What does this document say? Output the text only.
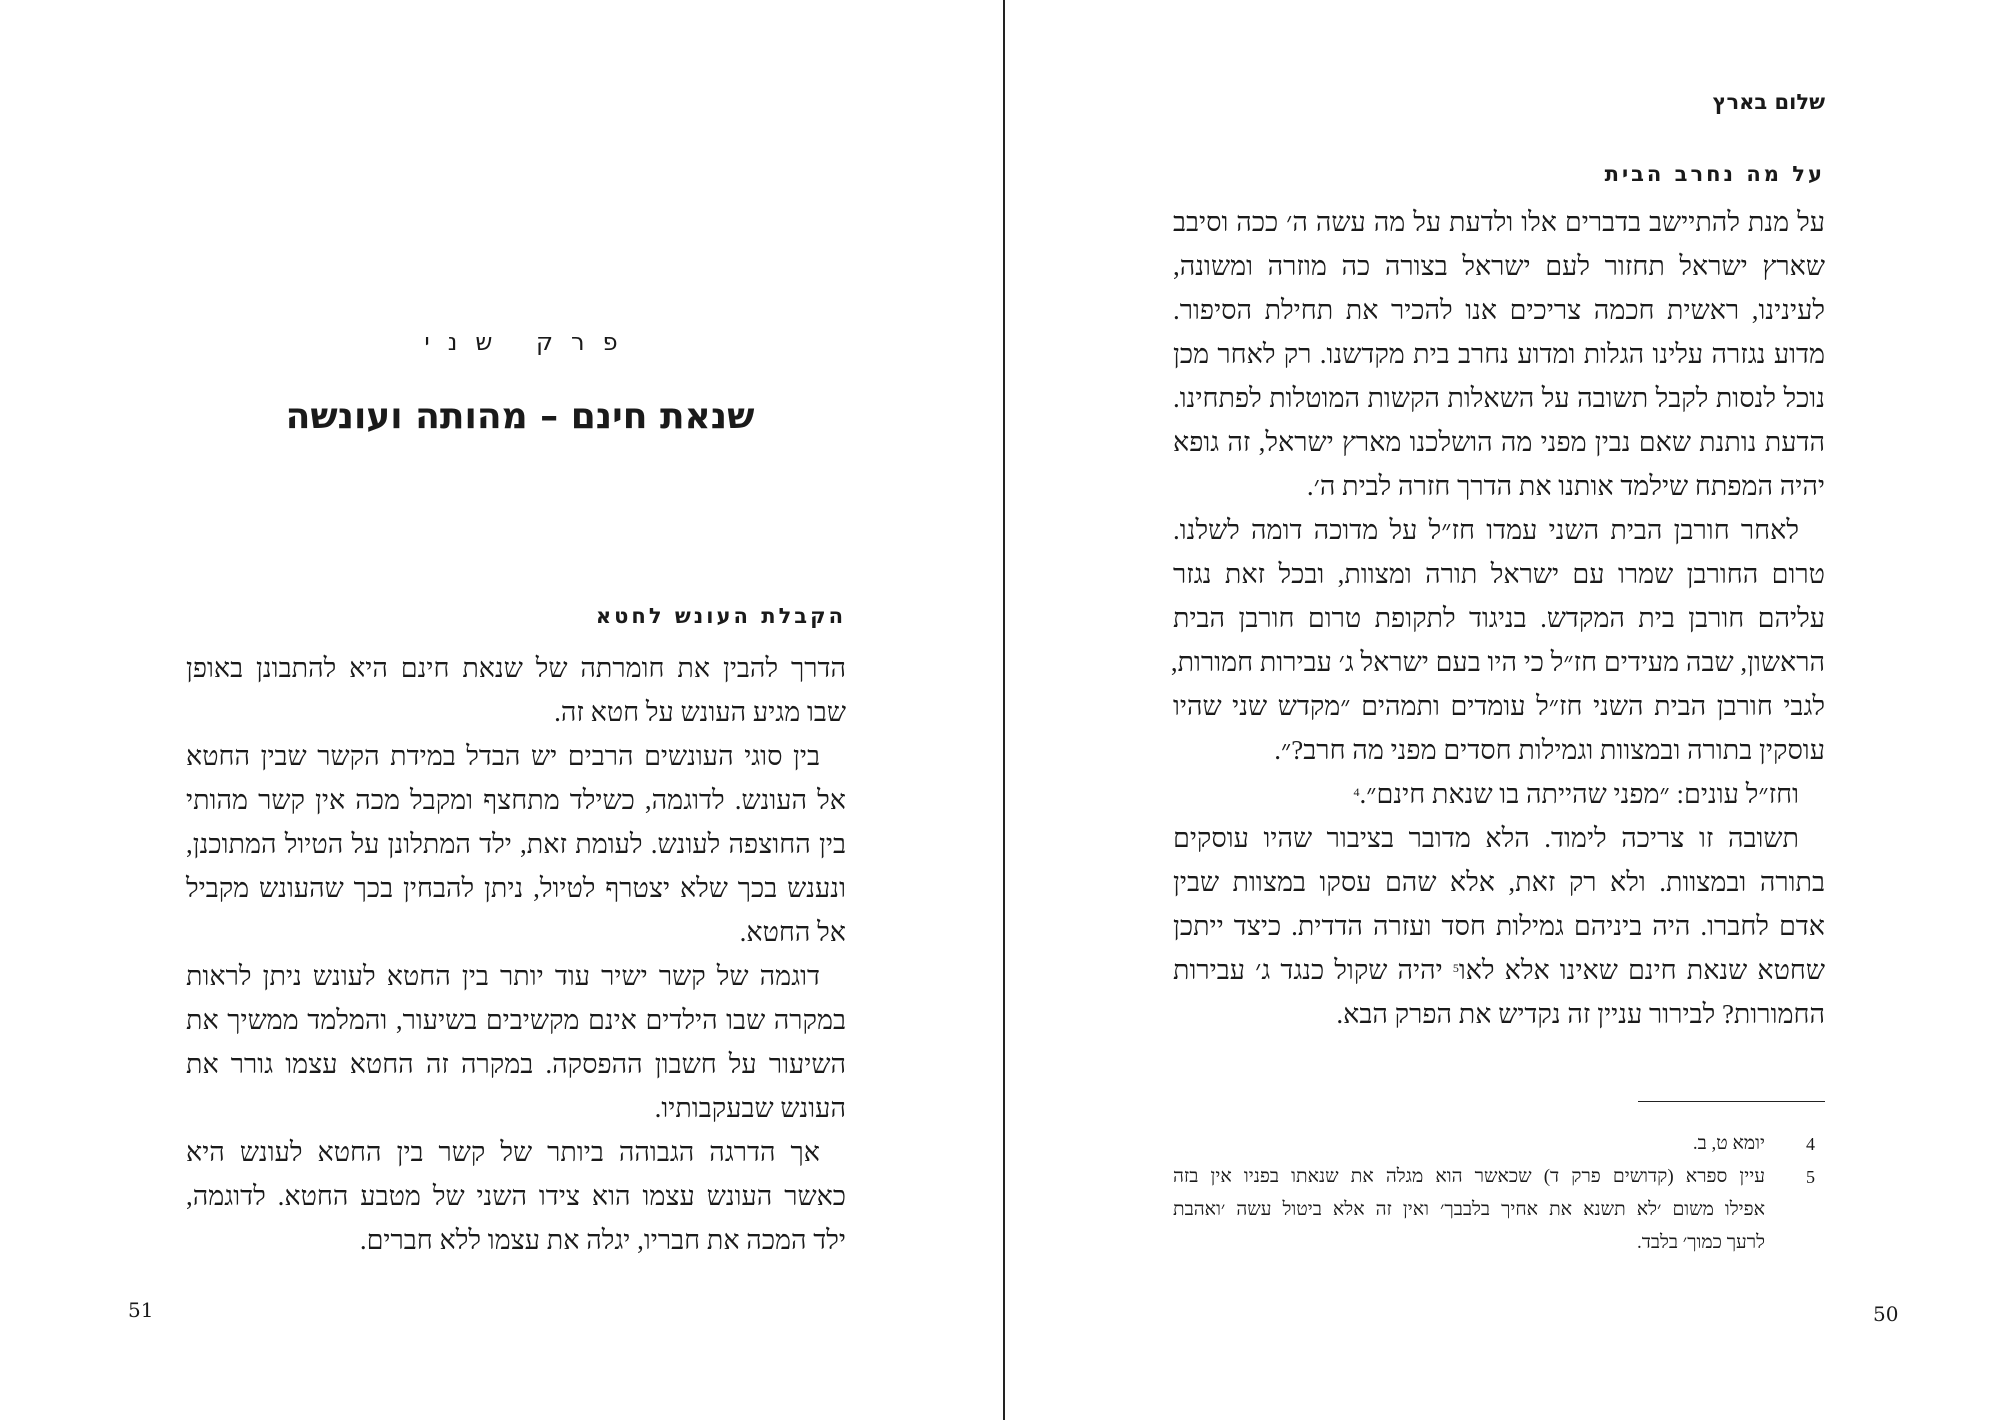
פרק שני
שנאת חינם – מהותה ועונשה
הקבלת העונש לחטא
הדרך להבין את חומרתה של שנאת חינם היא להתבונן באופן
שבו מגיע העונש על חטא זה.
בין סוגי העונשים הרבים יש הבדל במידת הקשר שבין החטא
אל העונש. לדוגמה, כשילד מתחצף ומקבל מכה אין קשר מהותי
בין החוצפה לעונש. לעומת זאת, ילד המתלונן על הטיול המתוכנן,
ונענש בכך שלא יצטרף לטיול, ניתן להבחין בכך שהעונש מקביל
אל החטא.
דוגמה של קשר ישיר עוד יותר בין החטא לעונש ניתן לראות
במקרה שבו הילדים אינם מקשיבים בשיעור, והמלמד ממשיך את
השיעור על חשבון ההפסקה. במקרה זה החטא עצמו גורר את
העונש שבעקבותיו.
אך הדרגה הגבוהה ביותר של קשר בין החטא לעונש היא
כאשר העונש עצמו הוא צידו השני של מטבע החטא. לדוגמה,
ילד המכה את חבריו, יגלה את עצמו ללא חברים.
51
שלום בארץ
על מה נחרב הבית
על מנת להתיישב בדברים אלו ולדעת על מה עשה ה׳ ככה וסיבב
שארץ ישראל תחזור לעם ישראל בצורה כה מוזרה ומשונה,
לעינינו, ראשית חכמה צריכים אנו להכיר את תחילת הסיפור.
מדוע נגזרה עלינו הגלות ומדוע נחרב בית מקדשנו. רק לאחר מכן
נוכל לנסות לקבל תשובה על השאלות הקשות המוטלות לפתחינו.
הדעת נותנת שאם נבין מפני מה הושלכנו מארץ ישראל, זה גופא
יהיה המפתח שילמד אותנו את הדרך חזרה לבית ה׳.
לאחר חורבן הבית השני עמדו חז״ל על מדוכה דומה לשלנו.
טרום החורבן שמרו עם ישראל תורה ומצוות, ובכל זאת נגזר
עליהם חורבן בית המקדש. בניגוד לתקופת טרום חורבן הבית
הראשון, שבה מעידים חז״ל כי היו בעם ישראל ג׳ עבירות חמורות,
לגבי חורבן הבית השני חז״ל עומדים ותמהים ״מקדש שני שהיו
עוסקין בתורה ובמצוות וגמילות חסדים מפני מה חרב?״.
וחז״ל עונים: ״מפני שהייתה בו שנאת חינם״.$^4$
תשובה זו צריכה לימוד. הלא מדובר בציבור שהיו עוסקים
בתורה ובמצוות. ולא רק זאת, אלא שהם עסקו במצוות שבין
אדם לחברו. היה ביניהם גמילות חסד ועזרה הדדית. כיצד ייתכן
שחטא שנאת חינם שאינו אלא לאו$^5$ יהיה שקול כנגד ג׳ עבירות
החמורות? לבירור עניין זה נקדיש את הפרק הבא.
4
יומא ט, ב.
5
עיין ספרא (קדושים פרק ד) שכאשר הוא מגלה את שנאתו בפניו אין בזה
אפילו משום ׳לא תשנא את אחיך בלבבך׳ ואין זה אלא ביטול עשה ׳ואהבת
לרעך כמוך׳ בלבד.
50
